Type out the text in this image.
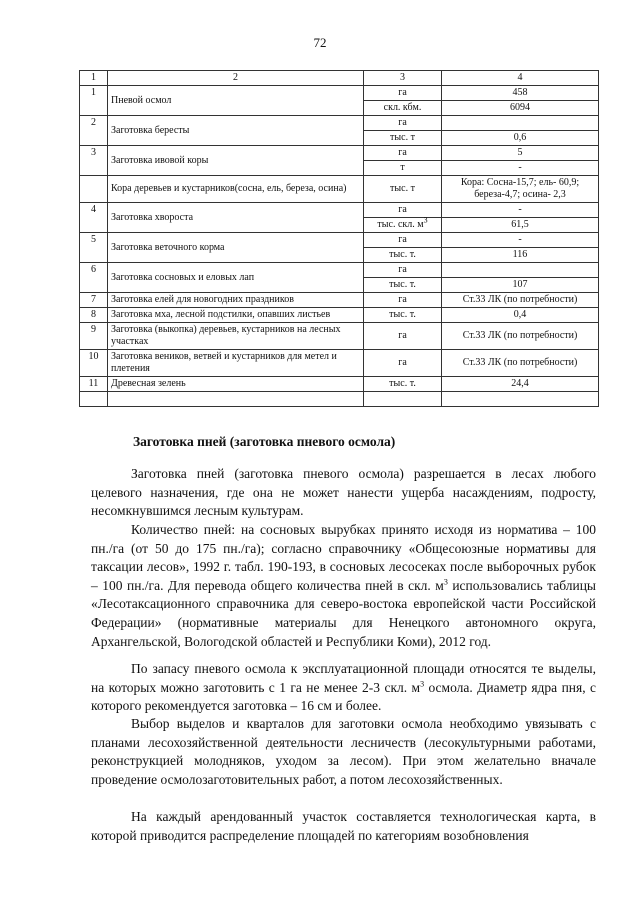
72
1	2	3	4
1	Пневой осмол	га	458
		скл. кбм.	6094
2	Заготовка бересты	га	
		тыс. т	0,6
3	Заготовка ивовой коры	га	5
		т	-
	Кора деревьев и кустарников(сосна, ель, береза, осина)	тыс. т	Кора: Сосна-15,7; ель- 60,9; береза-4,7; осина- 2,3
4	Заготовка хвороста	га	-
		тыс. скл. $м^3$	61,5
5	Заготовка веточного корма	га	-
		тыс. т.	116
6	Заготовка сосновых и еловых лап	га	
		тыс. т.	107
7	Заготовка елей для новогодних праздников	га	Ст.33 ЛК (по потребности)
8	Заготовка мха, лесной подстилки, опавших листьев	тыс. т.	0,4
9	Заготовка (выкопка) деревьев, кустарников на лесных участках	га	Ст.33 ЛК (по потребности)
10	Заготовка веников, ветвей и кустарников для метел и плетения	га	Ст.33 ЛК (по потребности)
11	Древесная зелень	тыс. т.	24,4

Заготовка пней (заготовка пневого осмола)

Заготовка пней (заготовка пневого осмола) разрешается в лесах любого целевого назначения, где она не может нанести ущерба насаждениям, подросту, несомкнувшимся лесным культурам.

Количество пней: на сосновых вырубках принято исходя из норматива – 100 пн./га (от 50 до 175 пн./га); согласно справочнику «Общесоюзные нормативы для таксации лесов», 1992 г. табл. 190-193, в сосновых лесосеках после выборочных рубок – 100 пн./га. Для перевода общего количества пней в скл. $м^3$ использовались таблицы «Лесотаксационного справочника для северо-востока европейской части Российской Федерации» (нормативные материалы для Ненецкого автономного округа, Архангельской, Вологодской областей и Республики Коми), 2012 год.

По запасу пневого осмола к эксплуатационной площади относятся те выделы, на которых можно заготовить с 1 га не менее 2-3 скл. $м^3$ осмола. Диаметр ядра пня, с которого рекомендуется заготовка – 16 см и более.

Выбор выделов и кварталов для заготовки осмола необходимо увязывать с планами лесохозяйственной деятельности лесничеств (лесокультурными работами, реконструкцией молодняков, уходом за лесом). При этом желательно вначале проведение осмолозаготовительных работ, а потом лесохозяйственных.

На каждый арендованный участок составляется технологическая карта, в которой приводится распределение площадей по категориям возобновления
